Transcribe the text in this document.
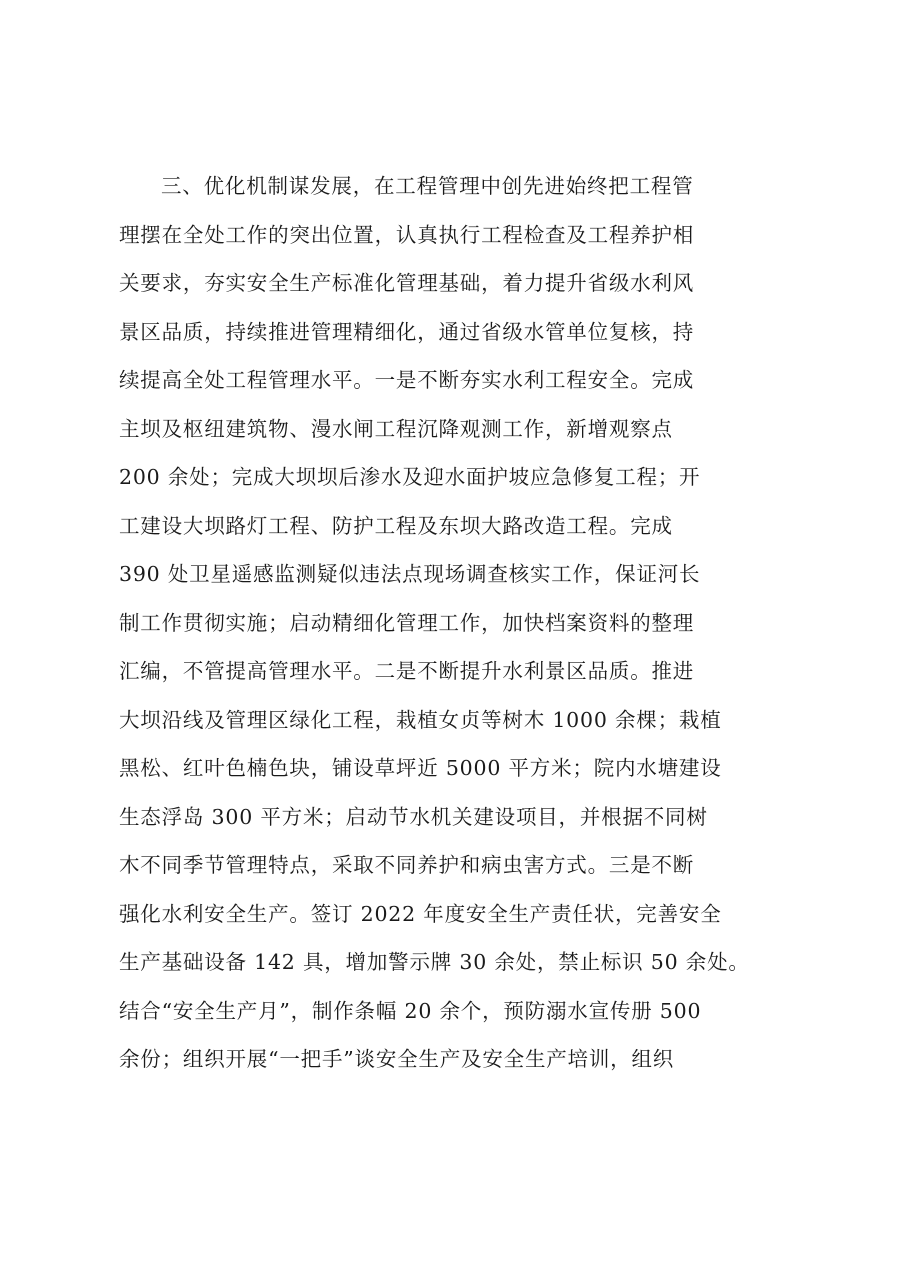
三、优化机制谋发展，在工程管理中创先进始终把工程管

理摆在全处工作的突出位置，认真执行工程检查及工程养护相

关要求，夯实安全生产标准化管理基础，着力提升省级水利风

景区品质，持续推进管理精细化，通过省级水管单位复核，持

续提高全处工程管理水平。一是不断夯实水利工程安全。完成

主坝及枢纽建筑物、漫水闸工程沉降观测工作，新增观察点

200 余处；完成大坝坝后渗水及迎水面护坡应急修复工程；开

工建设大坝路灯工程、防护工程及东坝大路改造工程。完成

390 处卫星遥感监测疑似违法点现场调查核实工作，保证河长

制工作贯彻实施；启动精细化管理工作，加快档案资料的整理

汇编，不管提高管理水平。二是不断提升水利景区品质。推进

大坝沿线及管理区绿化工程，栽植女贞等树木 1000 余棵；栽植

黑松、红叶色楠色块，铺设草坪近 5000 平方米；院内水塘建设

生态浮岛 300 平方米；启动节水机关建设项目，并根据不同树

木不同季节管理特点，采取不同养护和病虫害方式。三是不断

强化水利安全生产。签订 2022 年度安全生产责任状，完善安全

生产基础设备 142 具，增加警示牌 30 余处，禁止标识 50 余处。

结合“安全生产月”，制作条幅 20 余个，预防溺水宣传册 500

余份；组织开展“一把手”谈安全生产及安全生产培训，组织
